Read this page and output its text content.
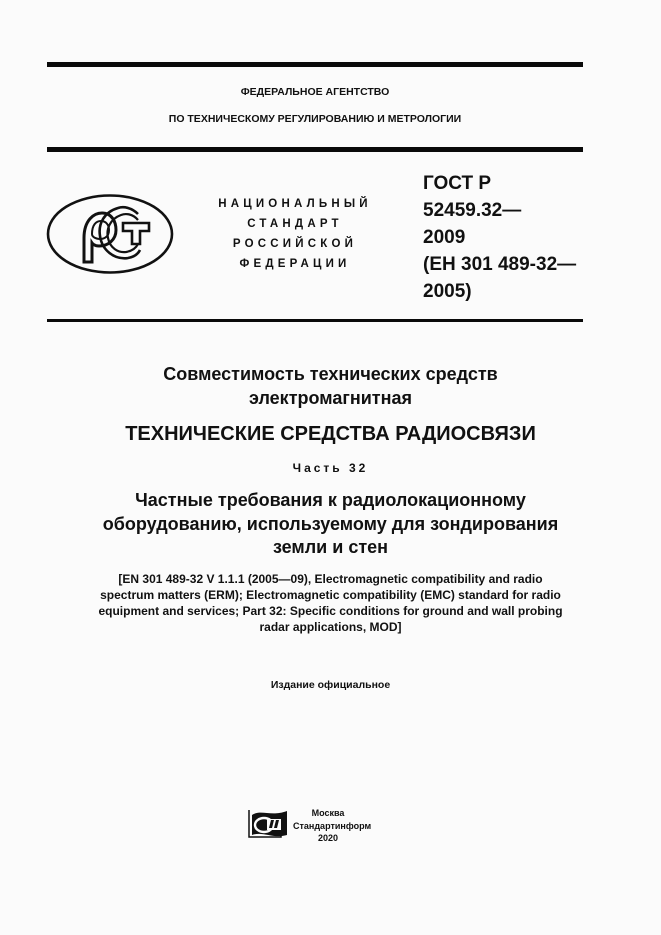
ФЕДЕРАЛЬНОЕ АГЕНТСТВО
ПО ТЕХНИЧЕСКОМУ РЕГУЛИРОВАНИЮ И МЕТРОЛОГИИ
НАЦИОНАЛЬНЫЙ
СТАНДАРТ
РОССИЙСКОЙ
ФЕДЕРАЦИИ
ГОСТ Р
52459.32—
2009
(ЕН 301 489-32—
2005)
Совместимость технических средств
электромагнитная
ТЕХНИЧЕСКИЕ СРЕДСТВА РАДИОСВЯЗИ
Часть 32
Частные требования к радиолокационному
оборудованию, используемому для зондирования
земли и стен
[EN 301 489-32 V 1.1.1 (2005—09), Electromagnetic compatibility and radio
spectrum matters (ERM); Electromagnetic compatibility (EMC) standard for radio
equipment and services; Part 32: Specific conditions for ground and wall probing
radar applications, MOD]
Издание официальное
Москва
Стандартинформ
2020
